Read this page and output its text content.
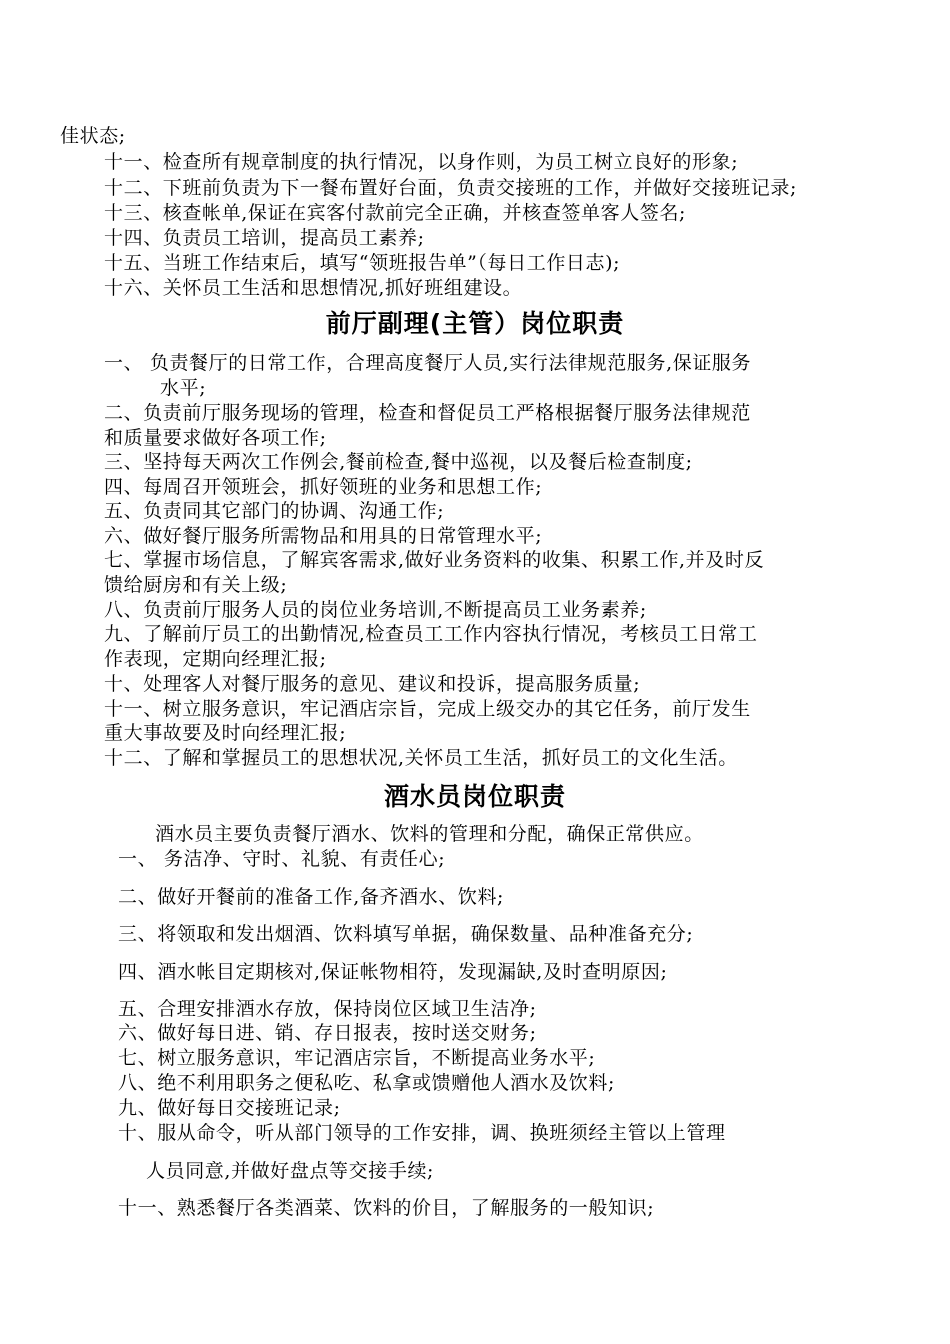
佳状态;
十一、检查所有规章制度的执行情况，以身作则，为员工树立良好的形象;
十二、下班前负责为下一餐布置好台面，负责交接班的工作，并做好交接班记录;
十三、核查帐单,保证在宾客付款前完全正确，并核查签单客人签名;
十四、负责员工培训，提高员工素养;
十五、当班工作结束后，填写“领班报告单”（每日工作日志);
十六、关怀员工生活和思想情况,抓好班组建设。
前厅副理(主管）岗位职责
一、 负责餐厅的日常工作，合理高度餐厅人员,实行法律规范服务,保证服务
水平;
二、负责前厅服务现场的管理，检查和督促员工严格根据餐厅服务法律规范
和质量要求做好各项工作;
三、坚持每天两次工作例会,餐前检查,餐中巡视，以及餐后检查制度;
四、每周召开领班会，抓好领班的业务和思想工作;
五、负责同其它部门的协调、沟通工作;
六、做好餐厅服务所需物品和用具的日常管理水平;
七、掌握市场信息，了解宾客需求,做好业务资料的收集、积累工作,并及时反
馈给厨房和有关上级;
八、负责前厅服务人员的岗位业务培训,不断提高员工业务素养;
九、了解前厅员工的出勤情况,检查员工工作内容执行情况，考核员工日常工
作表现，定期向经理汇报;
十、处理客人对餐厅服务的意见、建议和投诉，提高服务质量;
十一、树立服务意识，牢记酒店宗旨，完成上级交办的其它任务，前厅发生
重大事故要及时向经理汇报;
十二、了解和掌握员工的思想状况,关怀员工生活，抓好员工的文化生活。
酒水员岗位职责
酒水员主要负责餐厅酒水、饮料的管理和分配，确保正常供应。
一、 务洁净、守时、礼貌、有责任心;
二、做好开餐前的准备工作,备齐酒水、饮料;
三、将领取和发出烟酒、饮料填写单据，确保数量、品种准备充分;
四、酒水帐目定期核对,保证帐物相符，发现漏缺,及时查明原因;
五、合理安排酒水存放，保持岗位区域卫生洁净;
六、做好每日进、销、存日报表，按时送交财务;
七、树立服务意识，牢记酒店宗旨，不断提高业务水平;
八、绝不利用职务之便私吃、私拿或馈赠他人酒水及饮料;
九、做好每日交接班记录;
十、服从命令，听从部门领导的工作安排，调、换班须经主管以上管理
人员同意,并做好盘点等交接手续;
十一、熟悉餐厅各类酒菜、饮料的价目，了解服务的一般知识;
